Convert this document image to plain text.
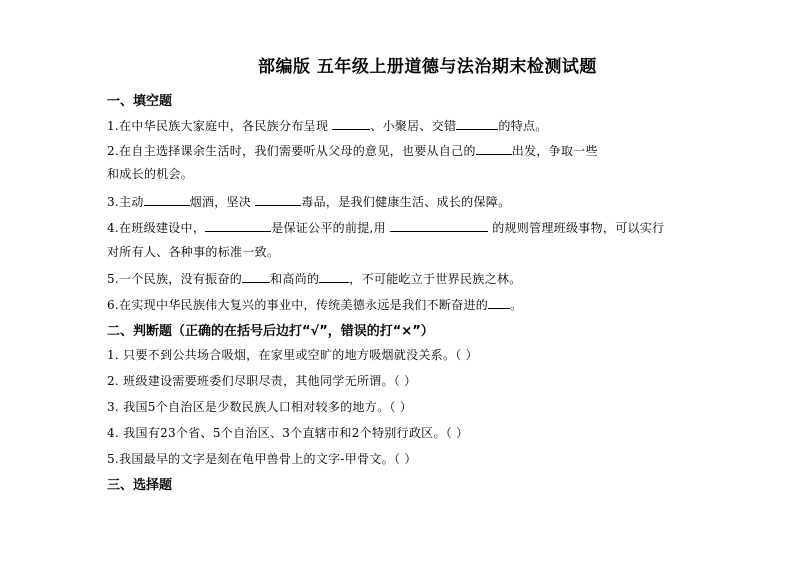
部编版 五年级上册道德与法治期末检测试题
一、填空题
1.在中华民族大家庭中，各民族分布呈现	、小聚居、交错	的特点。
2.在自主选择课余生活时，我们需要听从父母的意见，也要从自己的	出发，争取一些
和成长的机会。
3.主动	烟酒，坚决	毒品，是我们健康生活、成长的保障。
4.在班级建设中，	是保证公平的前提,用	的规则管理班级事物，可以实行
对所有人、各种事的标准一致。
5.一个民族，没有振奋的 和高尚的	，不可能屹立于世界民族之林。
6.在实现中华民族伟大复兴的事业中，传统美德永远是我们不断奋进的 。
二、判断题（正确的在括号后边打“√”，错误的打“×”）
1. 只要不到公共场合吸烟，在家里或空旷的地方吸烟就没关系。（ ）
2. 班级建设需要班委们尽职尽责，其他同学无所谓。（ ）
3. 我国5个自治区是少数民族人口相对较多的地方。（ ）
4. 我国有23个省、5个自治区、3个直辖市和2个特别行政区。（ ）
5.我国最早的文字是刻在龟甲兽骨上的文字-甲骨文。（ ）
三、选择题
